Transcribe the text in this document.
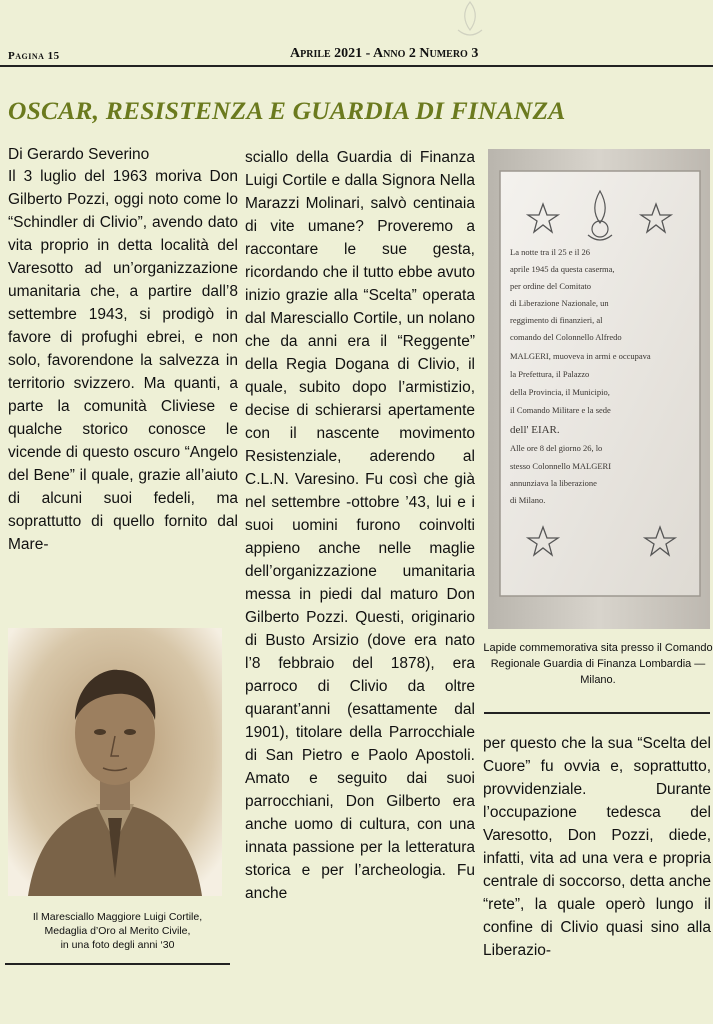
Pagina 15	Aprile 2021 - Anno 2 Numero 3
OSCAR, RESISTENZA E GUARDIA DI FINANZA
Di Gerardo Severino

Il 3 luglio del 1963 moriva Don Gilberto Pozzi, oggi noto come lo “Schindler di Clivio”, avendo dato vita proprio in detta località del Varesotto ad un’organizzazione umanitaria che, a partire dall’8 settembre 1943, si prodigò in favore di profughi ebrei, e non solo, favorendone la salvezza in territorio svizzero. Ma quanti, a parte la comunità Cliviese e qualche storico conosce le vicende di questo oscuro “Angelo del Bene” il quale, grazie all’aiuto di alcuni suoi fedeli, ma soprattutto di quello fornito dal Mare-

sciallo della Guardia di Finanza Luigi Cortile e dalla Signora Nella Marazzi Molinari, salvò centinaia di vite umane? Proveremo a raccontare le sue gesta, ricordando che il tutto ebbe avuto inizio grazie alla “Scelta” operata dal Maresciallo Cortile, un nolano che da anni era il “Reggente” della Regia Dogana di Clivio, il quale, subito dopo l’armistizio, decise di schierarsi apertamente con il nascente movimento Resistenziale, aderendo al C.L.N. Varesino. Fu così che già nel settembre -ottobre ’43, lui e i suoi uomini furono coinvolti appieno anche nelle maglie dell’organizzazione umanitaria messa in piedi dal maturo Don Gilberto Pozzi. Questi, originario di Busto Arsizio (dove era nato l’8 febbraio del 1878), era parroco di Clivio da oltre quarant’anni (esattamente dal 1901), titolare della Parrocchiale di San Pietro e Paolo Apostoli. Amato e seguito dai suoi parrocchiani, Don Gilberto era anche uomo di cultura, con una innata passione per la letteratura storica e per l’archeologia. Fu anche

per questo che la sua “Scelta del Cuore” fu ovvia e, soprattutto, provvidenziale. Durante l’occupazione tedesca del Varesotto, Don Pozzi, diede, infatti, vita ad una vera e propria centrale di soccorso, detta anche “rete”, la quale operò lungo il confine di Clivio quasi sino alla Liberazio-

La notte tra il 25 e il 26
aprile 1945 da questa caserma,
per ordine del Comitato
di Liberazione Nazionale, un
reggimento di finanzieri, al
comando del Colonnello Alfredo
MALGERI, muoveva in armi e occupava
la Prefettura, il Palazzo
della Provincia, il Municipio,
il Comando Militare e la sede
dell' EIAR.
Alle ore 8 del giorno 26, lo
stesso Colonnello MALGERI
annunziava la liberazione
di Milano.
Lapide commemorativa sita presso il Comando Regionale Guardia di Finanza Lombardia — Milano.
Il Maresciallo Maggiore Luigi Cortile,
Medaglia d’Oro al Merito Civile,
in una foto degli anni ‘30
